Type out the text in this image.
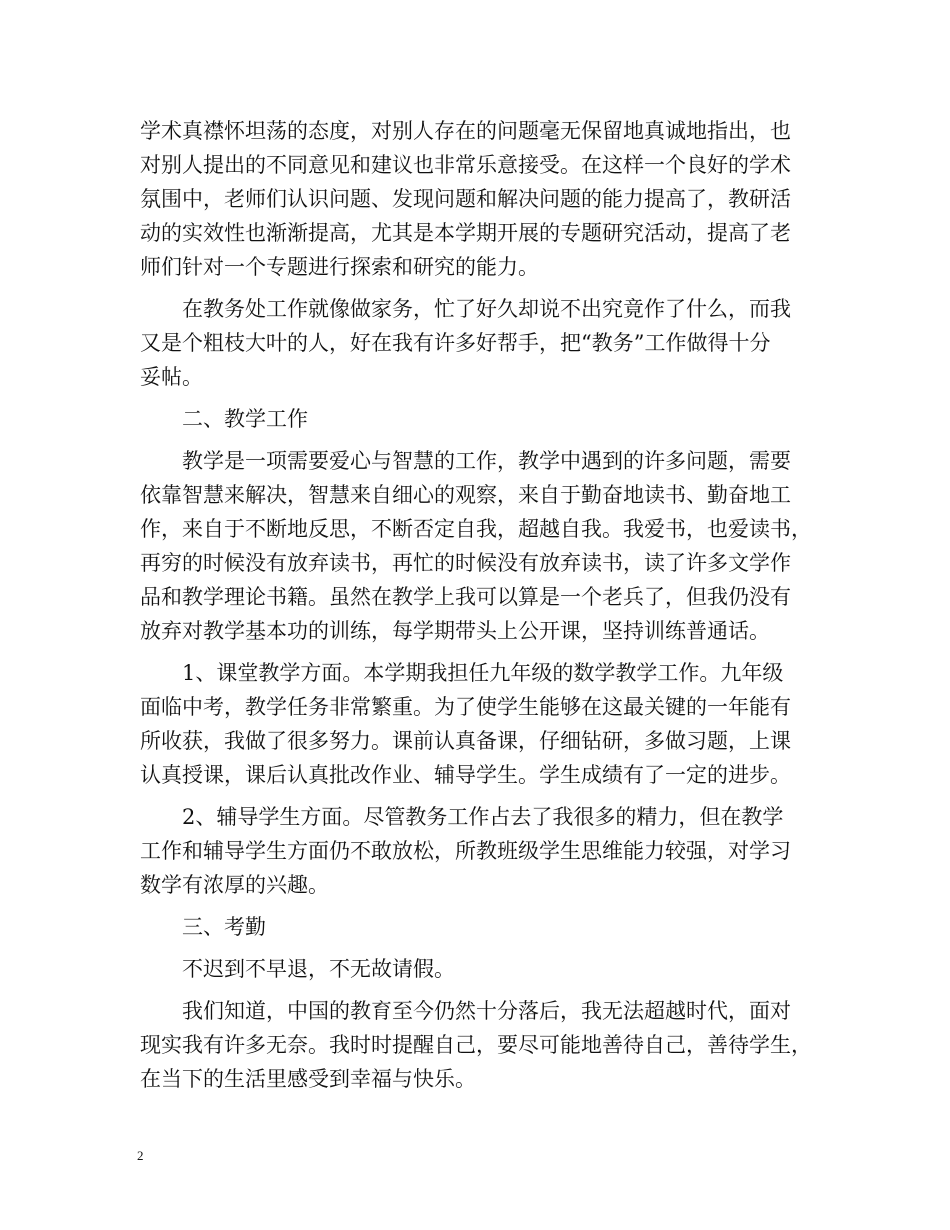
学术真襟怀坦荡的态度，对别人存在的问题毫无保留地真诚地指出，也
对别人提出的不同意见和建议也非常乐意接受。在这样一个良好的学术
氛围中，老师们认识问题、发现问题和解决问题的能力提高了，教研活
动的实效性也渐渐提高，尤其是本学期开展的专题研究活动，提高了老
师们针对一个专题进行探索和研究的能力。
在教务处工作就像做家务，忙了好久却说不出究竟作了什么，而我
又是个粗枝大叶的人，好在我有许多好帮手，把“教务”工作做得十分
妥帖。
二、教学工作
教学是一项需要爱心与智慧的工作，教学中遇到的许多问题，需要
依靠智慧来解决，智慧来自细心的观察，来自于勤奋地读书、勤奋地工
作，来自于不断地反思，不断否定自我，超越自我。我爱书，也爱读书，
再穷的时候没有放弃读书，再忙的时候没有放弃读书，读了许多文学作
品和教学理论书籍。虽然在教学上我可以算是一个老兵了，但我仍没有
放弃对教学基本功的训练，每学期带头上公开课，坚持训练普通话。
1、课堂教学方面。本学期我担任九年级的数学教学工作。九年级
面临中考，教学任务非常繁重。为了使学生能够在这最关键的一年能有
所收获，我做了很多努力。课前认真备课，仔细钻研，多做习题，上课
认真授课，课后认真批改作业、辅导学生。学生成绩有了一定的进步。
2、辅导学生方面。尽管教务工作占去了我很多的精力，但在教学
工作和辅导学生方面仍不敢放松，所教班级学生思维能力较强，对学习
数学有浓厚的兴趣。
三、考勤
不迟到不早退，不无故请假。
我们知道，中国的教育至今仍然十分落后，我无法超越时代，面对
现实我有许多无奈。我时时提醒自己，要尽可能地善待自己，善待学生，
在当下的生活里感受到幸福与快乐。
2
